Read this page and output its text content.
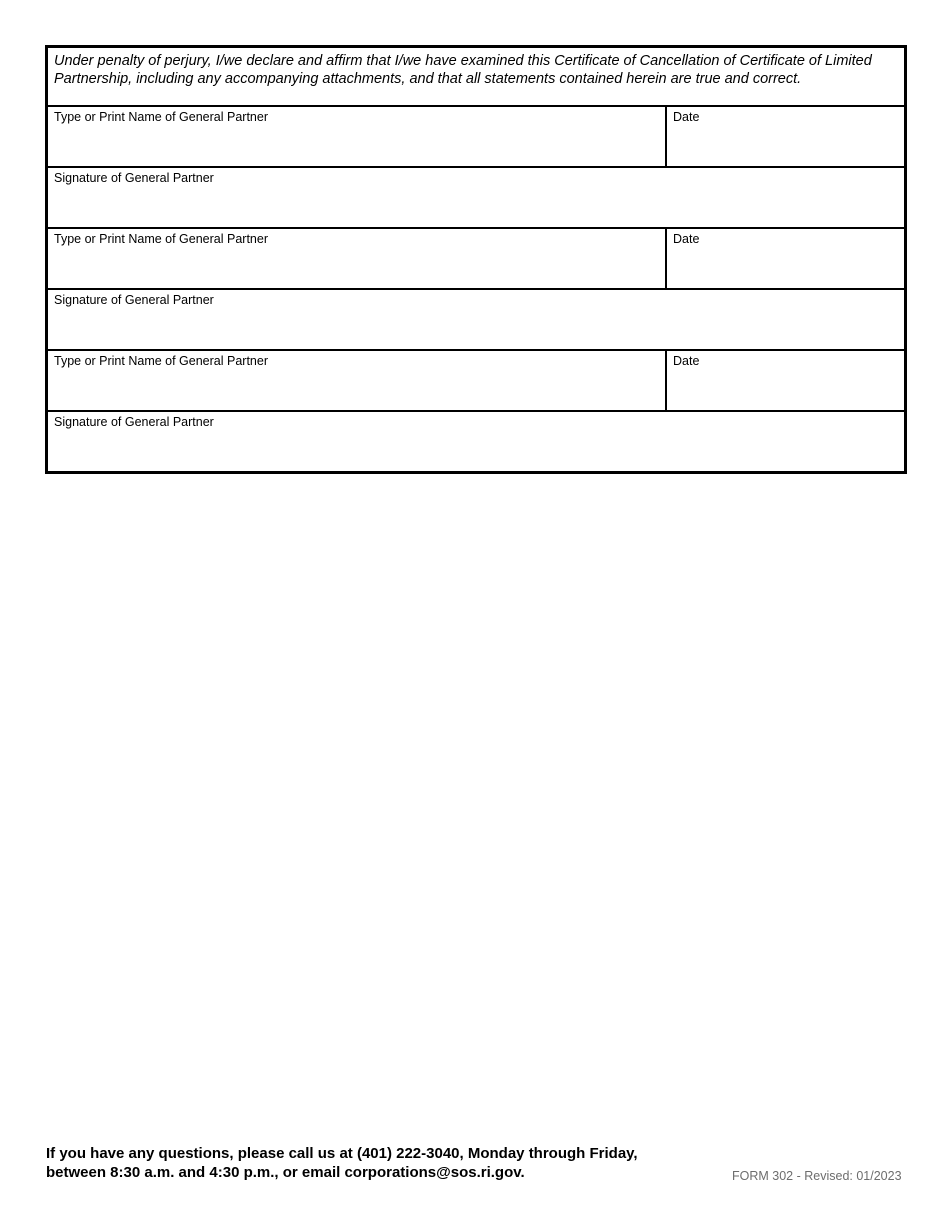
Under penalty of perjury, I/we declare and affirm that I/we have examined this Certificate of Cancellation of Certificate of Limited Partnership, including any accompanying attachments, and that all statements contained herein are true and correct.
Type or Print Name of General Partner	Date
Signature of General Partner
Type or Print Name of General Partner	Date
Signature of General Partner
Type or Print Name of General Partner	Date
Signature of General Partner
If you have any questions, please call us at (401) 222-3040, Monday through Friday,
between 8:30 a.m. and 4:30 p.m., or email corporations@sos.ri.gov.	FORM 302 - Revised: 01/2023
